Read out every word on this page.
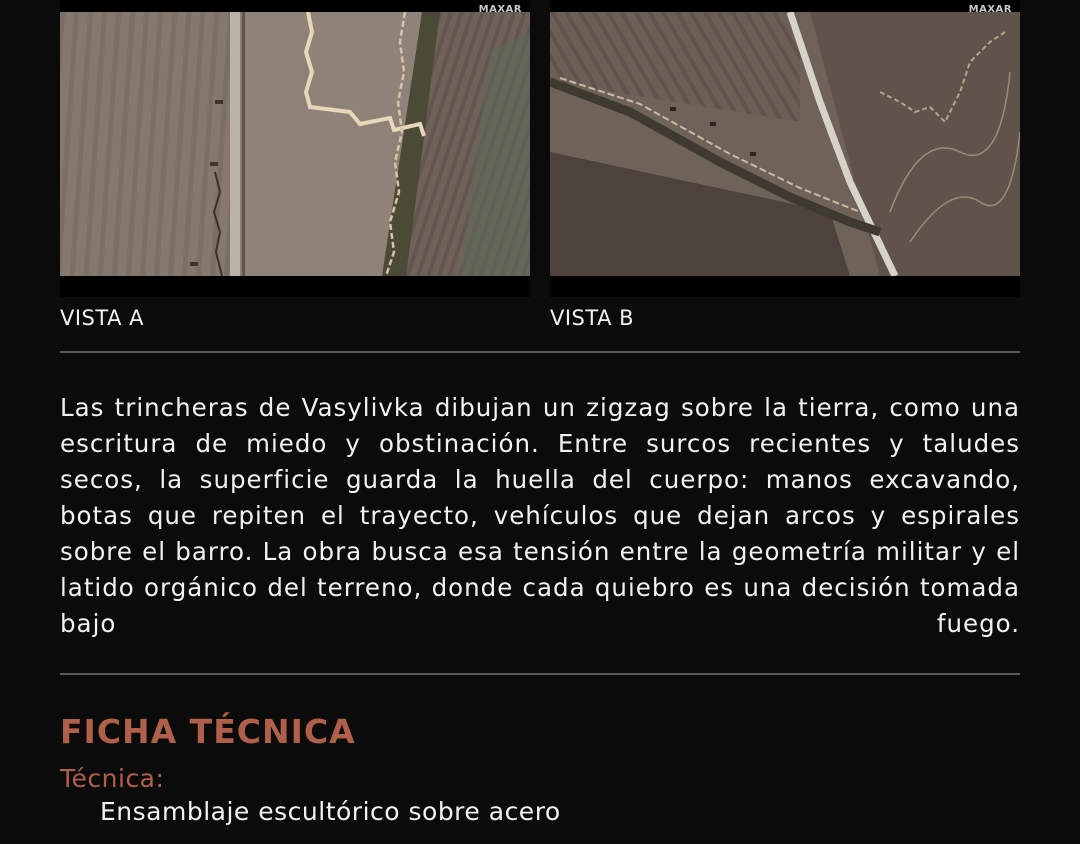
MAXAR
VISTA A
MAXAR
VISTA B

Las trincheras de Vasylivka dibujan un zigzag sobre la tierra, como una escritura de miedo y obstinación. Entre surcos recientes y taludes secos, la superficie guarda la huella del cuerpo: manos excavando, botas que repiten el trayecto, vehículos que dejan arcos y espirales sobre el barro. La obra busca esa tensión entre la geometría militar y el latido orgánico del terreno, donde cada quiebro es una decisión tomada bajo fuego.

FICHA TÉCNICA
Técnica:
Ensamblaje escultórico sobre acero
